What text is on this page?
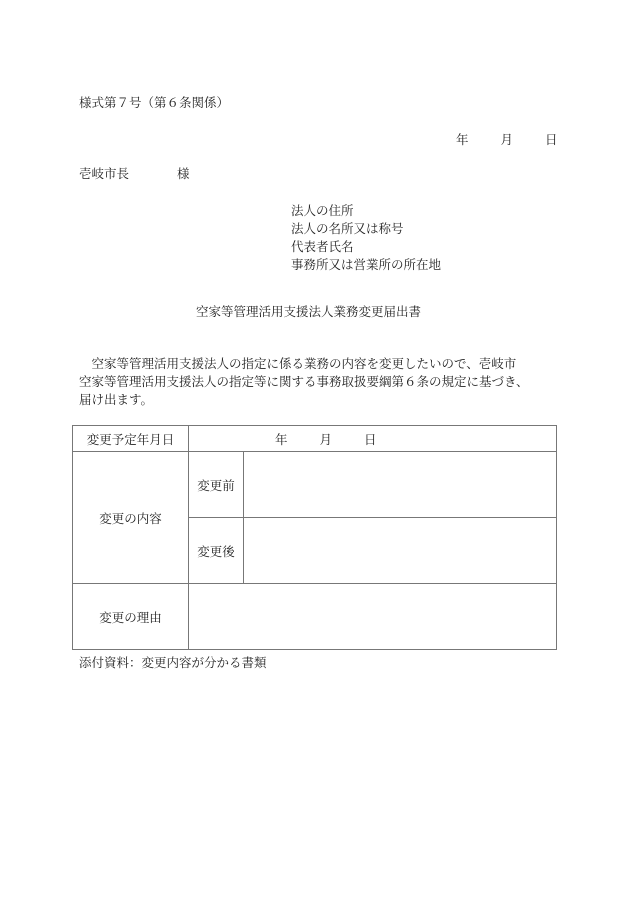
様式第７号（第６条関係）
年	月	日
壱岐市長	様
法人の住所
法人の名所又は称号
代表者氏名
事務所又は営業所の所在地
空家等管理活用支援法人業務変更届出書

　空家等管理活用支援法人の指定に係る業務の内容を変更したいので、壱岐市

空家等管理活用支援法人の指定等に関する事務取扱要綱第６条の規定に基づき、

届け出ます。

変更予定年月日	年 月 日	
変更の内容	変更前	
	変更後	
変更の理由		
添付資料：変更内容が分かる書類
